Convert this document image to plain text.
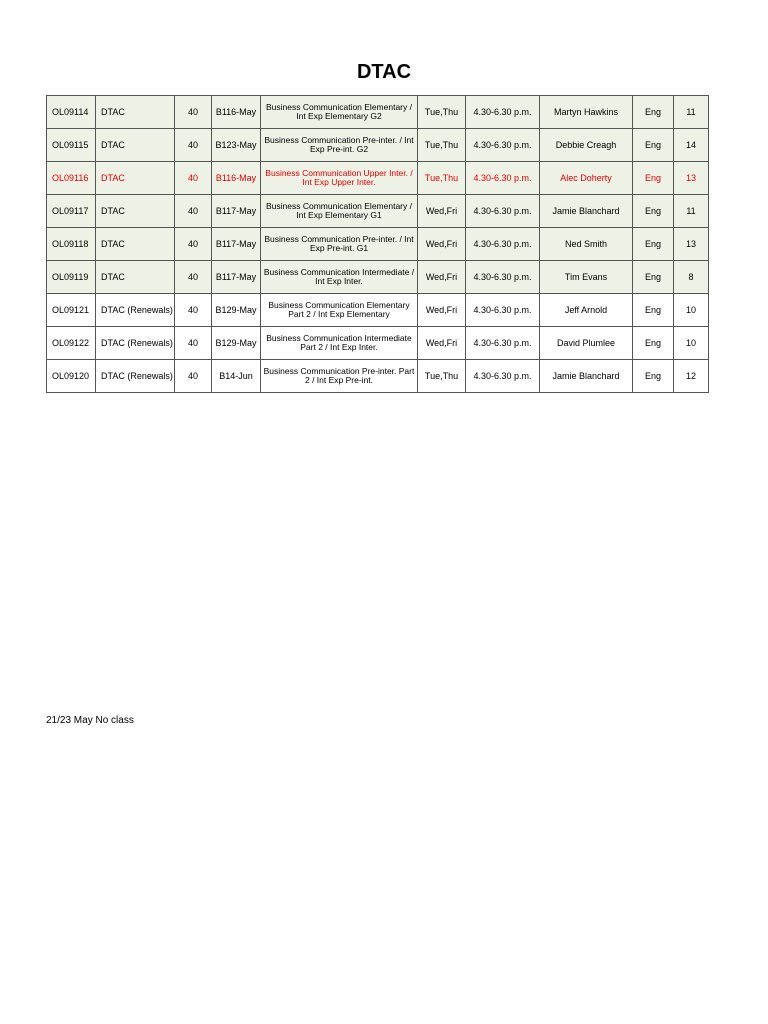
DTAC
OL09114	DTAC	40	B116-May	Business Communication Elementary / Int Exp Elementary G2	Tue,Thu	4.30-6.30 p.m.	Martyn Hawkins	Eng	11
OL09115	DTAC	40	B123-May	Business Communication Pre-inter. / Int Exp Pre-int. G2	Tue,Thu	4.30-6.30 p.m.	Debbie Creagh	Eng	14
OL09116	DTAC	40	B116-May	Business Communication Upper Inter. / Int Exp Upper Inter.	Tue,Thu	4.30-6.30 p.m.	Alec Doherty	Eng	13
OL09117	DTAC	40	B117-May	Business Communication Elementary / Int Exp Elementary G1	Wed,Fri	4.30-6.30 p.m.	Jamie Blanchard	Eng	11
OL09118	DTAC	40	B117-May	Business Communication Pre-inter. / Int Exp Pre-int. G1	Wed,Fri	4.30-6.30 p.m.	Ned Smith	Eng	13
OL09119	DTAC	40	B117-May	Business Communication Intermediate / Int Exp Inter.	Wed,Fri	4.30-6.30 p.m.	Tim Evans	Eng	8
OL09121	DTAC (Renewals)	40	B129-May	Business Communication Elementary Part 2 / Int Exp Elementary	Wed,Fri	4.30-6.30 p.m.	Jeff Arnold	Eng	10
OL09122	DTAC (Renewals)	40	B129-May	Business Communication Intermediate Part 2 / Int Exp Inter.	Wed,Fri	4.30-6.30 p.m.	David Plumlee	Eng	10
OL09120	DTAC (Renewals)	40	B14-Jun	Business Communication Pre-inter. Part 2 / Int Exp Pre-int.	Tue,Thu	4.30-6.30 p.m.	Jamie Blanchard	Eng	12
21/23 May No class
